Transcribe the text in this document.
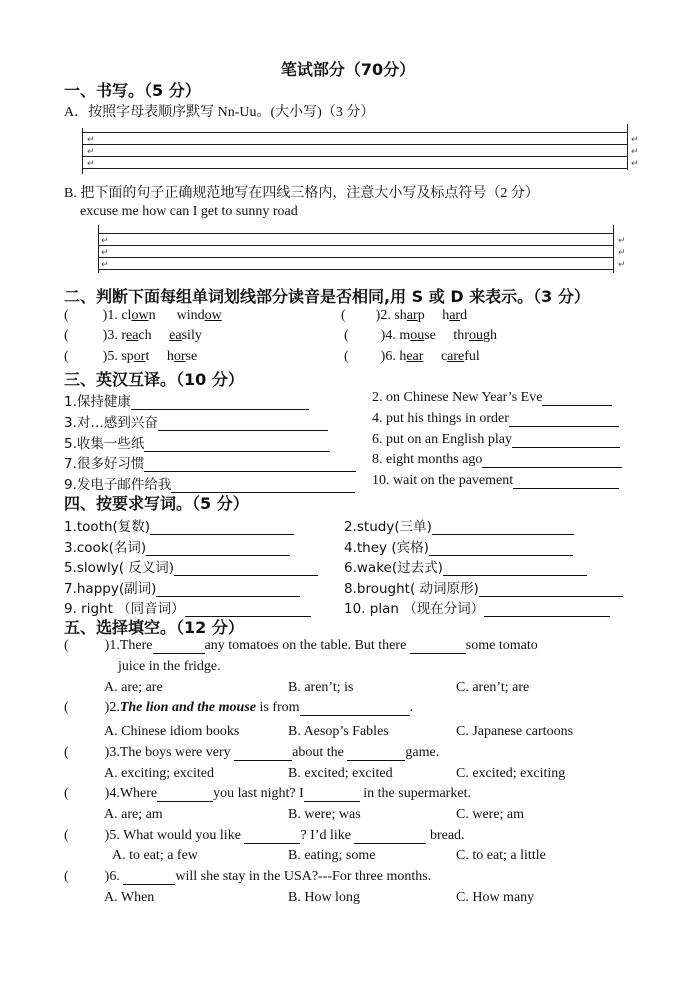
笔试部分（70分）
一、书写。（5 分）
A．按照字母表顺序默写 Nn-Uu。(大小写)（3 分）
↵
↵
↵
↵
↵
↵
B. 把下面的句子正确规范地写在四线三格内，注意大小写及标点符号（2 分）
excuse me how can I get to sunny road
↵
↵
↵
↵
↵
↵
二、判断下面每组单词划线部分读音是否相同,用 S 或 D 来表示。（3 分）
( )1. clown window	( )2. sharp hard
( )3. reach easily	( )4. mouse through
( )5. sport horse	( )6. hear careful
三、英汉互译。（10 分）
1.保持健康	2. on Chinese New Year’s Eve
3.对…感到兴奋	4. put his things in order
5.收集一些纸	6. put on an English play
7.很多好习惯	8. eight months ago
9.发电子邮件给我	10. wait on the pavement
四、按要求写词。（5 分）
1.tooth(复数)	2.study(三单)
3.cook(名词)	4.they (宾格)
5.slowly( 反义词)	6.wake(过去式)
7.happy(副词)	8.brought( 动词原形)
9. right （同音词）	10. plan （现在分词）
五、选择填空。（12 分）
(	)1.There	any tomatoes on the table. But there	some tomato
juice in the fridge.
A. are; are	B. aren’t; is	C. aren’t; are
(	)2.The lion and the mouse is from	.
A. Chinese idiom books	B. Aesop’s Fables	C. Japanese cartoons
(	)3.The boys were very	about the	game.
A. exciting; excited	B. excited; excited	C. excited; exciting
(	)4.Where	you last night? I	in the supermarket.
A. are; am	B. were; was	C. were; am
(	)5. What would you like	? I’d like	bread.
A. to eat; a few	B. eating; some	C. to eat; a little
(	)6.	will she stay in the USA?---For three months.
A. When	B. How long	C. How many
